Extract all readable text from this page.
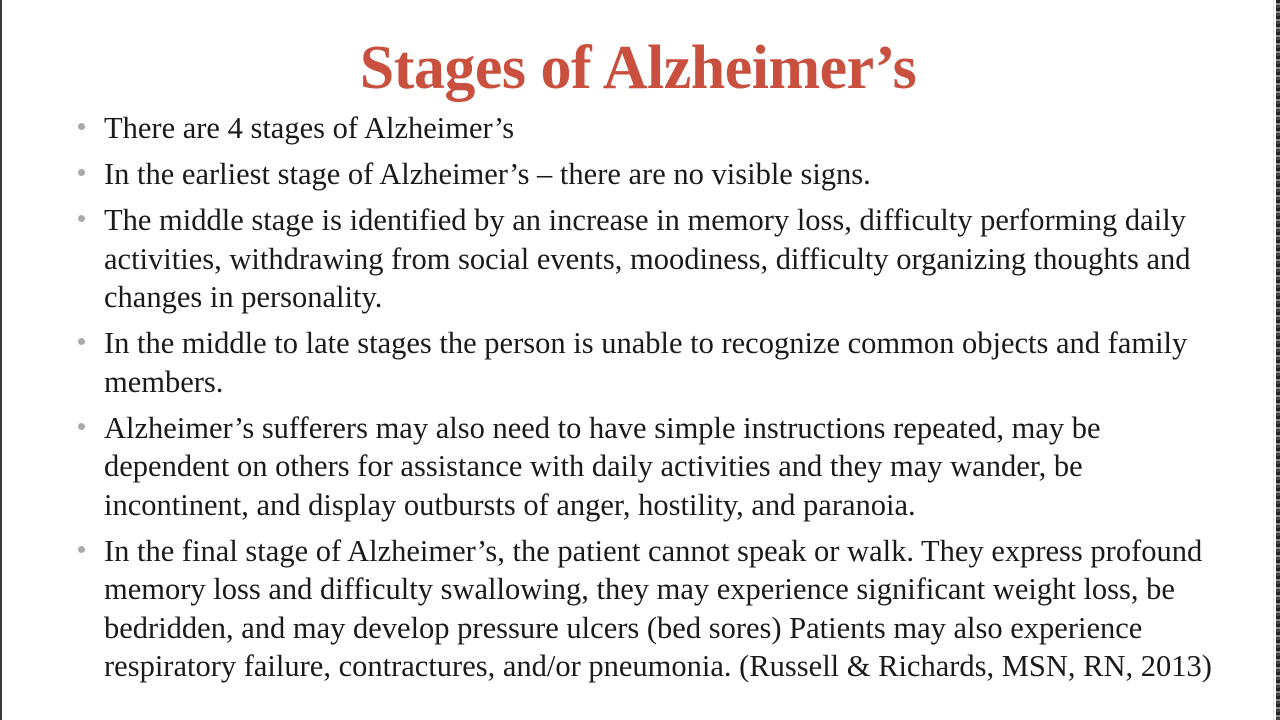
Stages of Alzheimer’s
There are 4 stages of Alzheimer’s
In the earliest stage of Alzheimer’s – there are no visible signs.
The middle stage is identified by an increase in memory loss, difficulty performing daily activities, withdrawing from social events, moodiness, difficulty organizing thoughts and changes in personality.
In the middle to late stages the person is unable to recognize common objects and family members.
Alzheimer’s sufferers may also need to have simple instructions repeated, may be dependent on others for assistance with daily activities and they may wander, be incontinent, and display outbursts of anger, hostility, and paranoia.
In the final stage of Alzheimer’s, the patient cannot speak or walk. They express profound memory loss and difficulty swallowing, they may experience significant weight loss, be bedridden, and may develop pressure ulcers (bed sores) Patients may also experience respiratory failure, contractures, and/or pneumonia. (Russell & Richards, MSN, RN, 2013)
